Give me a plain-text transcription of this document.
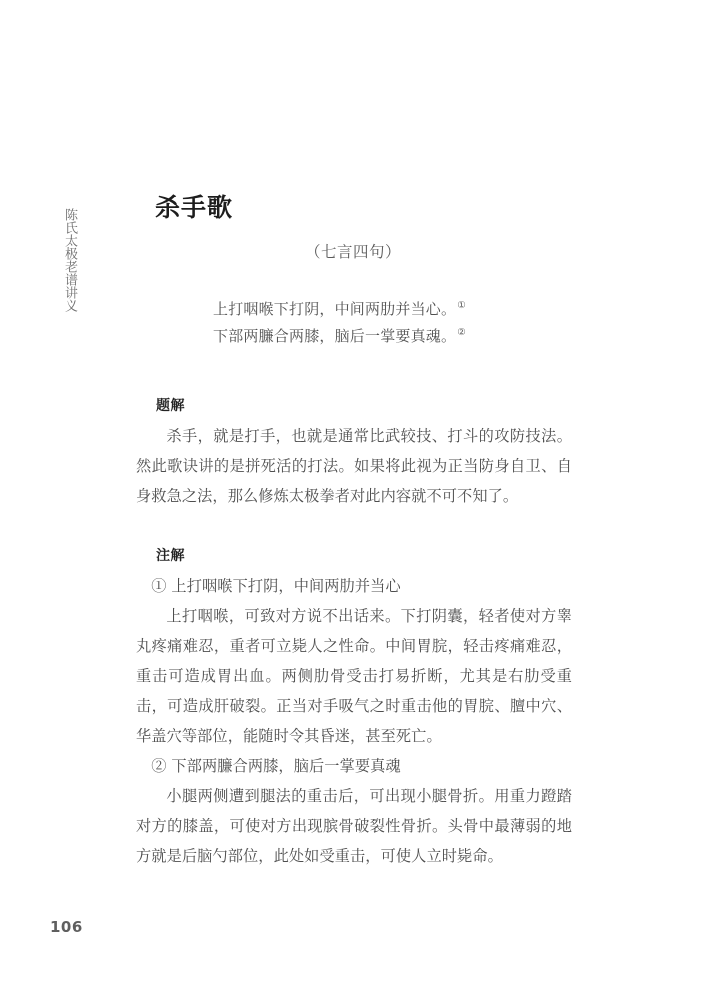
陈氏太极老谱讲义
杀手歌
（七言四句）
上打咽喉下打阴，中间两肋并当心。①
下部两臁合两膝，脑后一掌要真魂。②
题解

杀手，就是打手，也就是通常比武较技、打斗的攻防技法。然此歌诀讲的是拼死活的打法。如果将此视为正当防身自卫、自身救急之法，那么修炼太极拳者对此内容就不可不知了。

注解

① 上打咽喉下打阴，中间两肋并当心

上打咽喉，可致对方说不出话来。下打阴囊，轻者使对方睾丸疼痛难忍，重者可立毙人之性命。中间胃脘，轻击疼痛难忍，重击可造成胃出血。两侧肋骨受击打易折断，尤其是右肋受重击，可造成肝破裂。正当对手吸气之时重击他的胃脘、膻中穴、华盖穴等部位，能随时令其昏迷，甚至死亡。

② 下部两臁合两膝，脑后一掌要真魂

小腿两侧遭到腿法的重击后，可出现小腿骨折。用重力蹬踏对方的膝盖，可使对方出现膑骨破裂性骨折。头骨中最薄弱的地方就是后脑勺部位，此处如受重击，可使人立时毙命。

106
